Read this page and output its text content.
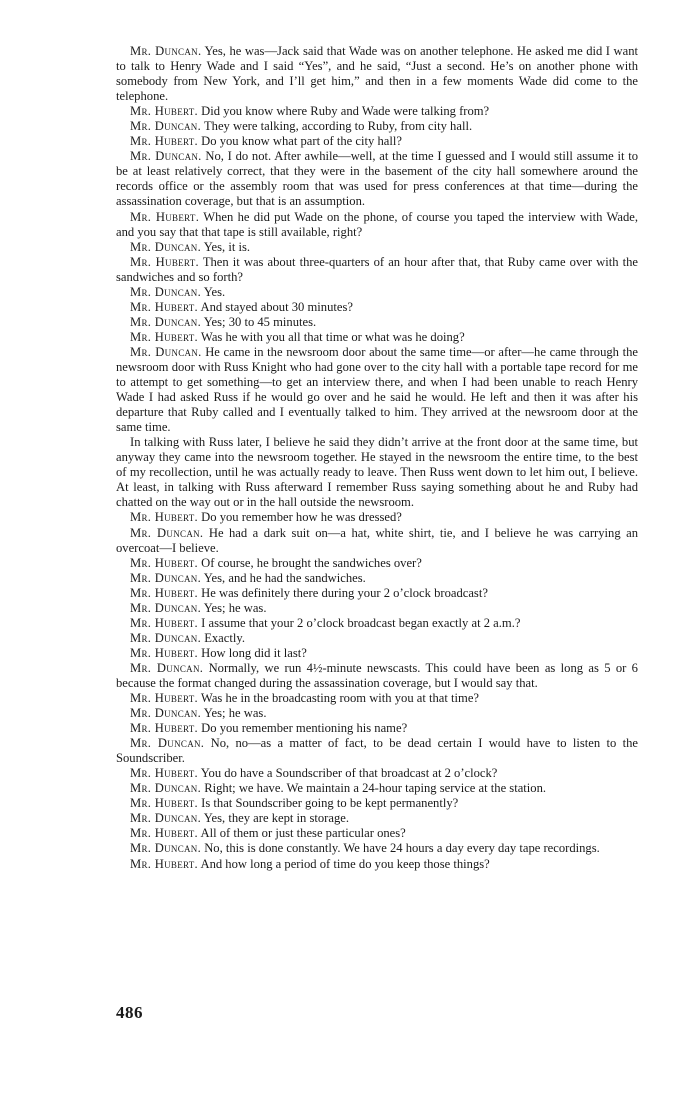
Mr. Duncan. Yes, he was—Jack said that Wade was on another telephone. He asked me did I want to talk to Henry Wade and I said “Yes”, and he said, “Just a second. He’s on another phone with somebody from New York, and I’ll get him,” and then in a few moments Wade did come to the telephone.

Mr. Hubert. Did you know where Ruby and Wade were talking from?

Mr. Duncan. They were talking, according to Ruby, from city hall.

Mr. Hubert. Do you know what part of the city hall?

Mr. Duncan. No, I do not. After awhile—well, at the time I guessed and I would still assume it to be at least relatively correct, that they were in the basement of the city hall somewhere around the records office or the assembly room that was used for press conferences at that time—during the assassination coverage, but that is an assumption.

Mr. Hubert. When he did put Wade on the phone, of course you taped the interview with Wade, and you say that that tape is still available, right?

Mr. Duncan. Yes, it is.

Mr. Hubert. Then it was about three-quarters of an hour after that, that Ruby came over with the sandwiches and so forth?

Mr. Duncan. Yes.

Mr. Hubert. And stayed about 30 minutes?

Mr. Duncan. Yes; 30 to 45 minutes.

Mr. Hubert. Was he with you all that time or what was he doing?

Mr. Duncan. He came in the newsroom door about the same time—or after—he came through the newsroom door with Russ Knight who had gone over to the city hall with a portable tape record for me to attempt to get something—to get an interview there, and when I had been unable to reach Henry Wade I had asked Russ if he would go over and he said he would. He left and then it was after his departure that Ruby called and I eventually talked to him. They arrived at the newsroom door at the same time.

In talking with Russ later, I believe he said they didn’t arrive at the front door at the same time, but anyway they came into the newsroom together. He stayed in the newsroom the entire time, to the best of my recollection, until he was actually ready to leave. Then Russ went down to let him out, I believe. At least, in talking with Russ afterward I remember Russ saying something about he and Ruby had chatted on the way out or in the hall outside the newsroom.

Mr. Hubert. Do you remember how he was dressed?

Mr. Duncan. He had a dark suit on—a hat, white shirt, tie, and I believe he was carrying an overcoat—I believe.

Mr. Hubert. Of course, he brought the sandwiches over?

Mr. Duncan. Yes, and he had the sandwiches.

Mr. Hubert. He was definitely there during your 2 o’clock broadcast?

Mr. Duncan. Yes; he was.

Mr. Hubert. I assume that your 2 o’clock broadcast began exactly at 2 a.m.?

Mr. Duncan. Exactly.

Mr. Hubert. How long did it last?

Mr. Duncan. Normally, we run 4½-minute newscasts. This could have been as long as 5 or 6 because the format changed during the assassination coverage, but I would say that.

Mr. Hubert. Was he in the broadcasting room with you at that time?

Mr. Duncan. Yes; he was.

Mr. Hubert. Do you remember mentioning his name?

Mr. Duncan. No, no—as a matter of fact, to be dead certain I would have to listen to the Soundscriber.

Mr. Hubert. You do have a Soundscriber of that broadcast at 2 o’clock?

Mr. Duncan. Right; we have. We maintain a 24-hour taping service at the station.

Mr. Hubert. Is that Soundscriber going to be kept permanently?

Mr. Duncan. Yes, they are kept in storage.

Mr. Hubert. All of them or just these particular ones?

Mr. Duncan. No, this is done constantly. We have 24 hours a day every day tape recordings.

Mr. Hubert. And how long a period of time do you keep those things?

486
